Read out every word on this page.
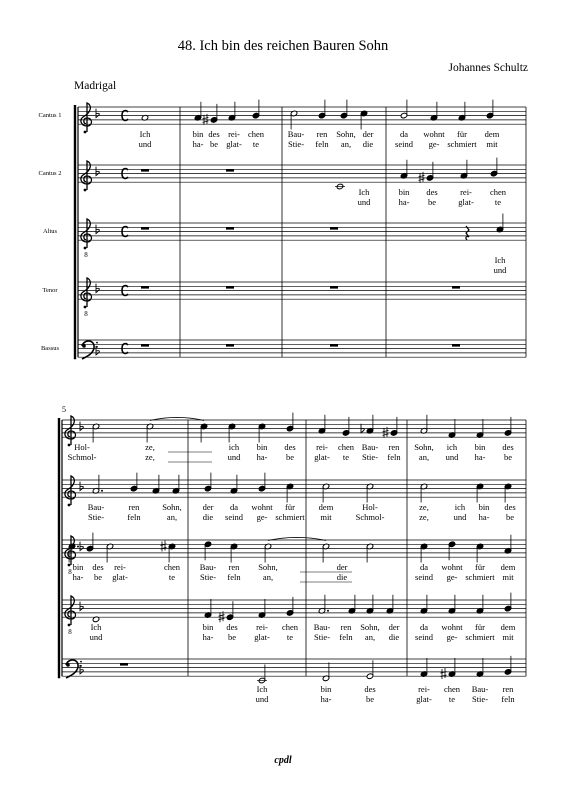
48. Ich bin des reichen Bauren Sohn
Johannes Schultz
Madrigal
Cantus 1
Cantus 2
Altus
8
Tenor
8
Bassus
Ich	bin des rei- chen	Bau- ren Sohn, der	da wohnt für dem
und	ha- be glat- te	Stie- feln an, die	seind ge- schmiert mit
Ich	bin des	rei- chen
und	ha- be	glat- te
Ich
und
5
8
8
Hol-	ze,	ich bin des rei- chen Bau- ren Sohn, ich bin des
Schmol-	ze,	und ha- be glat- te Stie- feln an, und ha- be
Bau-	ren	Sohn, der da wohnt für	dem	Hol-	ze,	ich bin des
Stie-	feln	an,	die seind ge- schmiert mit	Schmol-	ze,	und ha- be
bin des rei-	chen Bau- ren Sohn,	der	da wohnt für dem
ha- be glat-	te	Stie- feln	an,	die	seind ge- schmiert mit
Ich	bin des rei- chen Bau- ren Sohn, der da wohnt für dem
und	ha- be glat- te Stie- feln an, die seind ge- schmiert mit
Ich	bin	des	rei- chen Bau- ren
und	ha-	be	glat- te Stie- feln
cpdl
